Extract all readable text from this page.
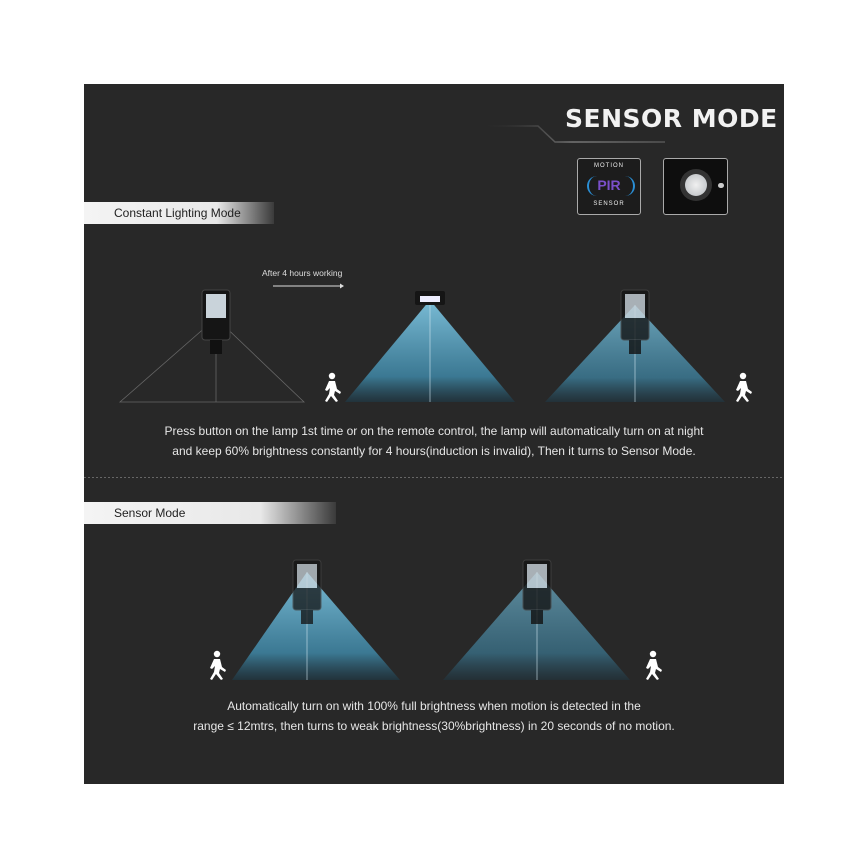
SENSOR MODE
MOTION
PIR
SENSOR
Constant Lighting Mode
After 4 hours working
Press button on the lamp 1st time or on the remote control, the lamp will automatically turn on at night
and keep 60% brightness constantly for 4 hours(induction is invalid), Then it turns to Sensor Mode.
Sensor Mode
Automatically turn on with 100% full brightness when motion is detected in the
range ≤ 12mtrs, then turns to weak brightness(30%brightness) in 20 seconds of no motion.
